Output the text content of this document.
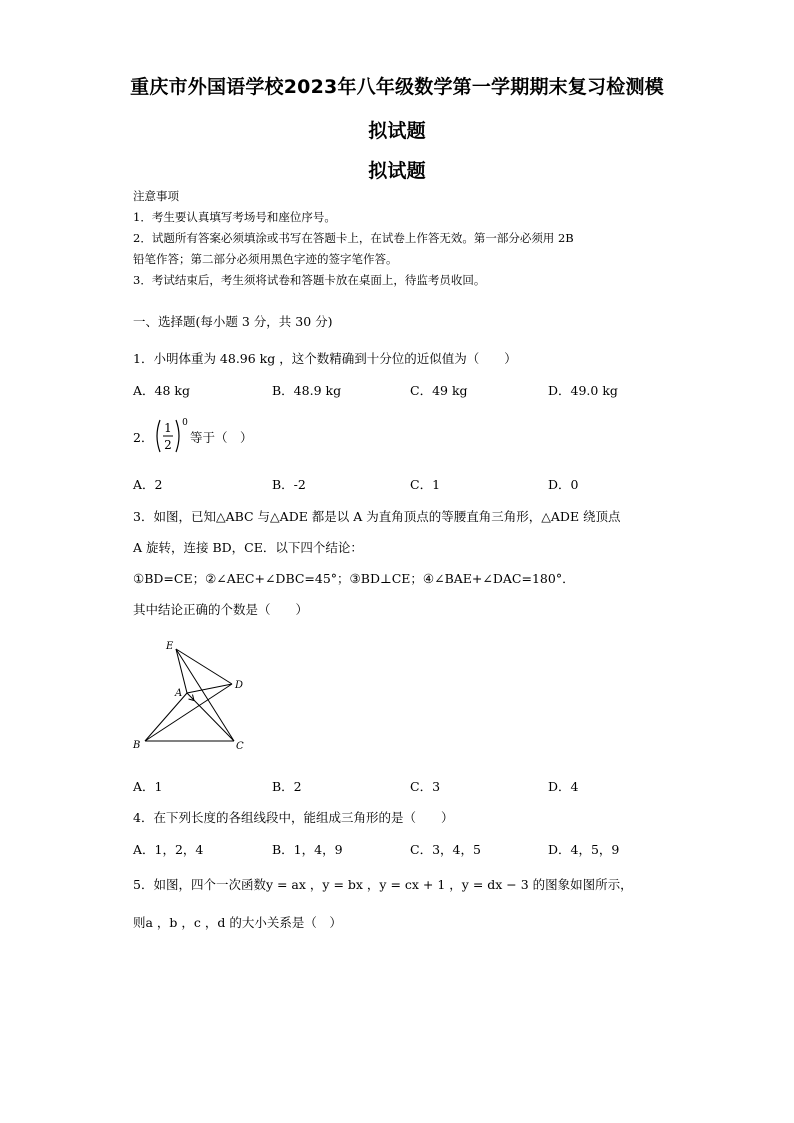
重庆市外国语学校2023年八年级数学第一学期期末复习检测模
拟试题
拟试题
注意事项
1．考生要认真填写考场号和座位序号。
2．试题所有答案必须填涂或书写在答题卡上，在试卷上作答无效。第一部分必须用 2B
铅笔作答；第二部分必须用黑色字迹的签字笔作答。
3．考试结束后，考生须将试卷和答题卡放在桌面上，待监考员收回。
一、选择题(每小题 3 分，共 30 分)
1．小明体重为 48.96 kg ，这个数精确到十分位的近似值为（　　）
A．48 kg	B．48.9 kg	C．49 kg	D．49.0 kg
2．
1
2
0
等于（　）
A．2	B．-2	C．1	D．0
3．如图，已知△ABC 与△ADE 都是以 A 为直角顶点的等腰直角三角形，△ADE 绕顶点
A 旋转，连接 BD，CE．以下四个结论：
①BD=CE；②∠AEC+∠DBC=45°；③BD⊥CE；④∠BAE+∠DAC=180°．
其中结论正确的个数是（　　）
E
A
D
B	C
A．1	B．2	C．3	D．4
4．在下列长度的各组线段中，能组成三角形的是（　　）
A．1，2，4	B．1，4，9	C．3，4，5	D．4，5，9
5．如图，四个一次函数y = ax ，y = bx ，y = cx + 1 ，y = dx − 3 的图象如图所示，
则a ，b ，c ，d 的大小关系是（　）
